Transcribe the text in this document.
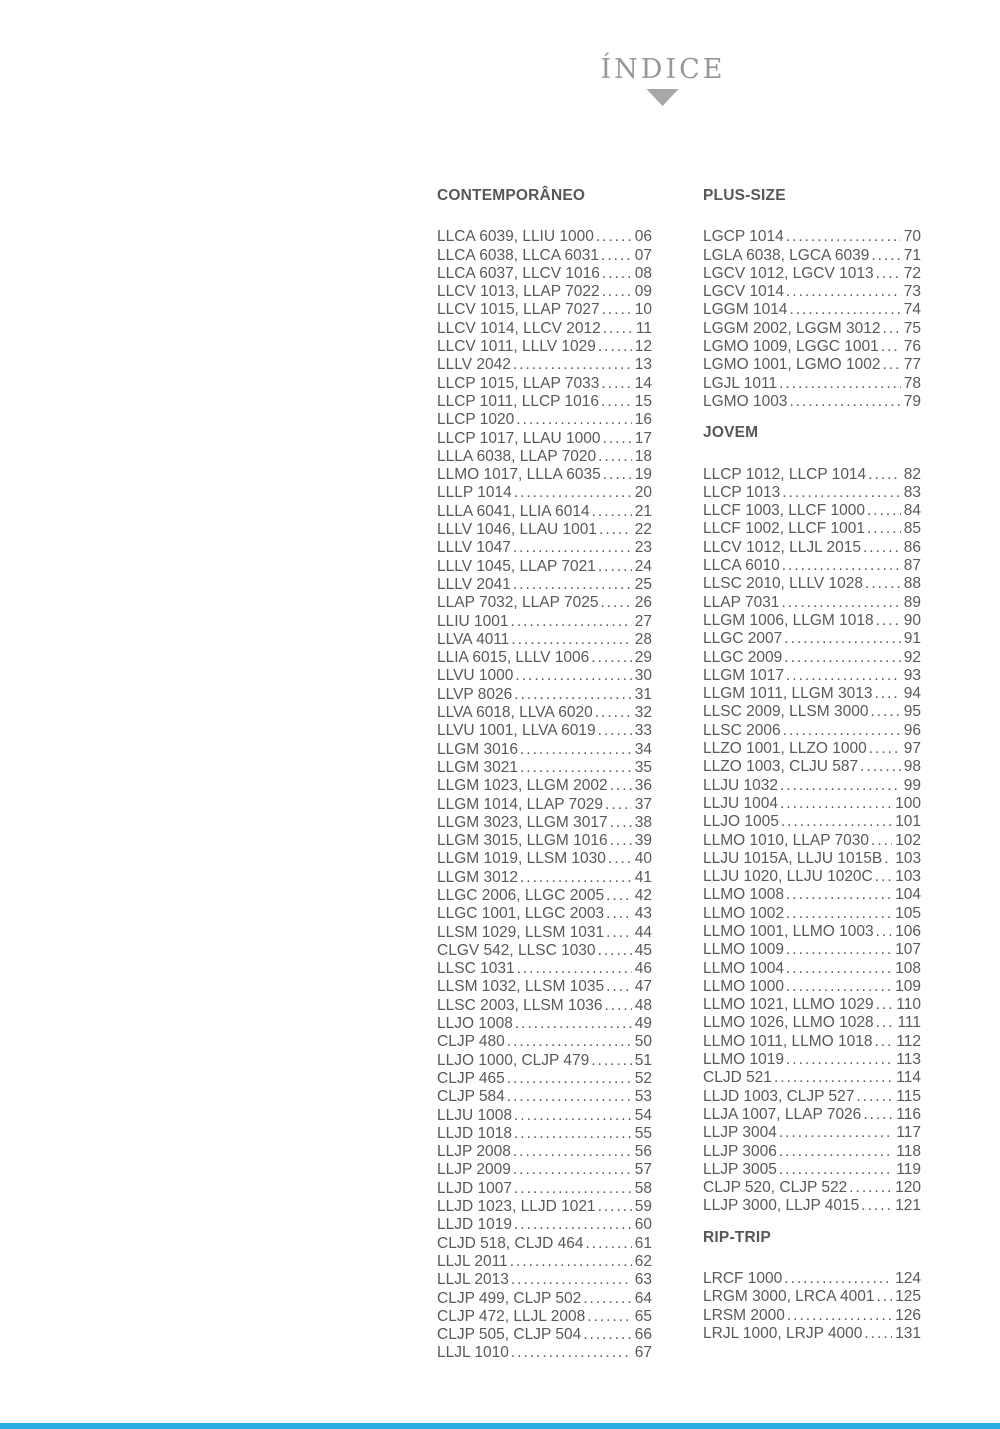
ÍNDICE
CONTEMPORÂNEO
LLCA 6039, LLIU 1000 .....	06
LLCA 6038, LLCA 6031 ..... 07
LLCA 6037, LLCV 1016 ..... 08
LLCV 1013, LLAP 7022 ..... 09
LLCV 1015, LLAP 7027 ..... 10
LLCV 1014, LLCV 2012 ..... 11
LLCV 1011, LLLV 1029 .....	12
LLLV 2042 .....	13
LLCP 1015, LLAP 7033 ..... 14
LLCP 1011, LLCP 1016 ..... 15
LLCP 1020 .....	16
LLCP 1017, LLAU 1000 ..... 17
LLLA 6038, LLAP 7020 ..... 18
LLMO 1017, LLLA 6035 ..... 19
LLLP 1014 .....	20
LLLA 6041, LLIA 6014 .....	21
LLLV 1046, LLAU 1001 ..... 22
LLLV 1047 .....	23
LLLV 1045, LLAP 7021 .....	24
LLLV 2041 .....	25
LLAP 7032, LLAP 7025 ..... 26
LLIU 1001 .....	27
LLVA 4011 .....	28
LLIA 6015, LLLV 1006 .....	29
LLVU 1000 .....	30
LLVP 8026 .....	31
LLVA 6018, LLVA 6020 .....	32
LLVU 1001, LLVA 6019 .....	33
LLGM 3016 .....	34
LLGM 3021 .....	35
LLGM 1023, LLGM 2002 ..... 36
LLGM 1014, LLAP 7029 ..... 37
LLGM 3023, LLGM 3017 ..... 38
LLGM 3015, LLGM 1016 ..... 39
LLGM 1019, LLSM 1030 ..... 40
LLGM 3012 .....	41
LLGC 2006, LLGC 2005 ..... 42
LLGC 1001, LLGC 2003 ..... 43
LLSM 1029, LLSM 1031 ..... 44
CLGV 542, LLSC 1030 .....	45
LLSC 1031 .....	46
LLSM 1032, LLSM 1035 ..... 47
LLSC 2003, LLSM 1036 ..... 48
LLJO 1008 .....	49
CLJP 480 .....	50
LLJO 1000, CLJP 479 .....	51
CLJP 465 .....	52
CLJP 584 .....	53
LLJU 1008 .....	54
LLJD 1018 .....	55
LLJP 2008 .....	56
LLJP 2009 .....	57
LLJD 1007 .....	58
LLJD 1023, LLJD 1021 .....	59
LLJD 1019 .....	60
CLJD 518, CLJD 464 .....	61
LLJL 2011 .....	62
LLJL 2013 .....	63
CLJP 499, CLJP 502 .....	64
CLJP 472, LLJL 2008 .....	65
CLJP 505, CLJP 504 .....	66
LLJL 1010 .....	67
PLUS-SIZE
LGCP 1014 .....	70
LGLA 6038, LGCA 6039 ..... 71
LGCV 1012, LGCV 1013 ..... 72
LGCV 1014 .....	73
LGGM 1014 .....	74
LGGM 2002, LGGM 3012 ..... 75
LGMO 1009, LGGC 1001 ..... 76
LGMO 1001, LGMO 1002 ..... 77
LGJL 1011 .....	78
LGMO 1003 .....	79
JOVEM
LLCP 1012, LLCP 1014 ..... 82
LLCP 1013 .....	83
LLCF 1003, LLCF 1000 .....	84
LLCF 1002, LLCF 1001 .....	85
LLCV 1012, LLJL 2015 .....	86
LLCA 6010 .....	87
LLSC 2010, LLLV 1028 .....	88
LLAP 7031 .....	89
LLGM 1006, LLGM 1018 ..... 90
LLGC 2007 .....	91
LLGC 2009 .....	92
LLGM 1017 .....	93
LLGM 1011, LLGM 3013 ..... 94
LLSC 2009, LLSM 3000 ..... 95
LLSC 2006 .....	96
LLZO 1001, LLZO 1000 ..... 97
LLZO 1003, CLJU 587 .....	98
LLJU 1032 .....	99
LLJU 1004 .....	100
LLJO 1005 .....	101
LLMO 1010, LLAP 7030 ..... 102
LLJU 1015A, LLJU 1015B ..... 103
LLJU 1020, LLJU 1020C ..... 103
LLMO 1008 .....	104
LLMO 1002 .....	105
LLMO 1001, LLMO 1003 ..... 106
LLMO 1009 .....	107
LLMO 1004 .....	108
LLMO 1000 .....	109
LLMO 1021, LLMO 1029 ..... 110
LLMO 1026, LLMO 1028 ..... 111
LLMO 1011, LLMO 1018 ..... 112
LLMO 1019 .....	113
CLJD 521 .....	114
LLJD 1003, CLJP 527 .....	115
LLJA 1007, LLAP 7026 ..... 116
LLJP 3004 .....	117
LLJP 3006 .....	118
LLJP 3005 .....	119
CLJP 520, CLJP 522 .....	120
LLJP 3000, LLJP 4015 ..... 121
RIP-TRIP
LRCF 1000 .....	124
LRGM 3000, LRCA 4001 ..... 125
LRSM 2000 .....	126
LRJL 1000, LRJP 4000 ..... 131
